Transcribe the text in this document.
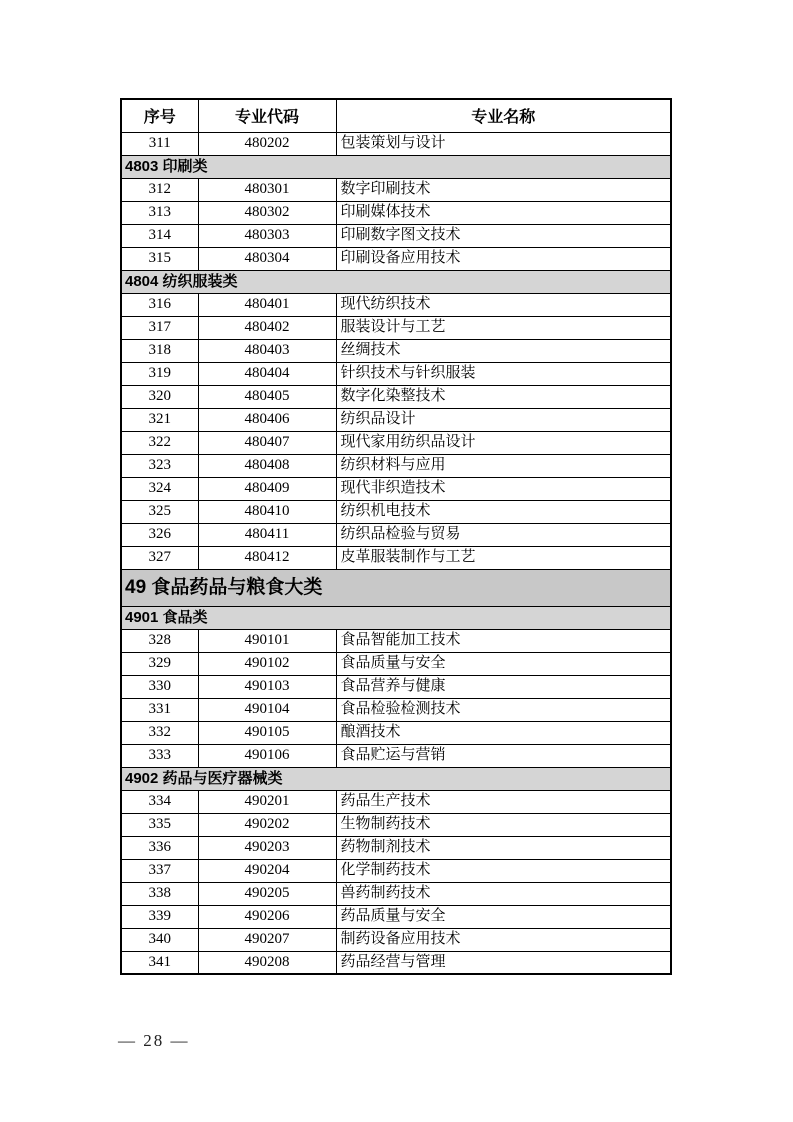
序号	专业代码	专业名称
311	480202	包装策划与设计
4803 印刷类		
312	480301	数字印刷技术
313	480302	印刷媒体技术
314	480303	印刷数字图文技术
315	480304	印刷设备应用技术
4804 纺织服装类		
316	480401	现代纺织技术
317	480402	服装设计与工艺
318	480403	丝绸技术
319	480404	针织技术与针织服装
320	480405	数字化染整技术
321	480406	纺织品设计
322	480407	现代家用纺织品设计
323	480408	纺织材料与应用
324	480409	现代非织造技术
325	480410	纺织机电技术
326	480411	纺织品检验与贸易
327	480412	皮革服装制作与工艺
49 食品药品与粮食大类		
4901 食品类		
328	490101	食品智能加工技术
329	490102	食品质量与安全
330	490103	食品营养与健康
331	490104	食品检验检测技术
332	490105	酿酒技术
333	490106	食品贮运与营销
4902 药品与医疗器械类		
334	490201	药品生产技术
335	490202	生物制药技术
336	490203	药物制剂技术
337	490204	化学制药技术
338	490205	兽药制药技术
339	490206	药品质量与安全
340	490207	制药设备应用技术
341	490208	药品经营与管理
— 28 —
